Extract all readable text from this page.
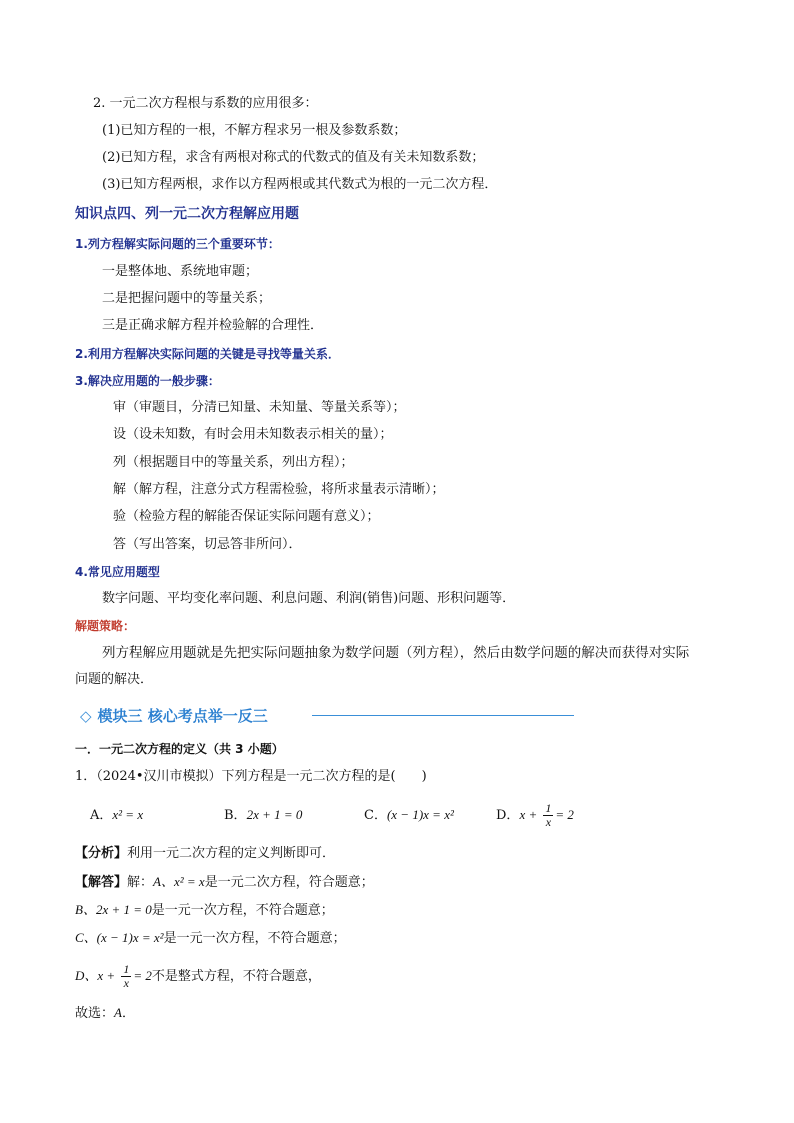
2. 一元二次方程根与系数的应用很多：
(1)已知方程的一根，不解方程求另一根及参数系数；
(2)已知方程，求含有两根对称式的代数式的值及有关未知数系数；
(3)已知方程两根，求作以方程两根或其代数式为根的一元二次方程．
知识点四、列一元二次方程解应用题
1.列方程解实际问题的三个重要环节：
一是整体地、系统地审题；
二是把握问题中的等量关系；
三是正确求解方程并检验解的合理性．
2.利用方程解决实际问题的关键是寻找等量关系．
3.解决应用题的一般步骤：
审（审题目，分清已知量、未知量、等量关系等）；
设（设未知数，有时会用未知数表示相关的量）；
列（根据题目中的等量关系，列出方程）；
解（解方程，注意分式方程需检验，将所求量表示清晰）；
验（检验方程的解能否保证实际问题有意义）；
答（写出答案，切忌答非所问）．
4.常见应用题型
数字问题、平均变化率问题、利息问题、利润(销售)问题、形积问题等．
解题策略：
列方程解应用题就是先把实际问题抽象为数学问题（列方程），然后由数学问题的解决而获得对实际
问题的解决．
◇ 模块三 核心考点举一反三
一．一元二次方程的定义（共 3 小题）
1．（2024•汉川市模拟）下列方程是一元二次方程的是(　　)
A．x² = x	B．2x + 1 = 0	C．(x − 1)x = x²	D．$x + \frac{1}{x} = 2$
【分析】利用一元二次方程的定义判断即可．
【解答】解：A、x² = x是一元二次方程，符合题意；
B、2x + 1 = 0是一元一次方程，不符合题意；
C、(x − 1)x = x²是一元一次方程，不符合题意；
D、$x + \frac{1}{x} = 2$不是整式方程，不符合题意，
故选：A．
